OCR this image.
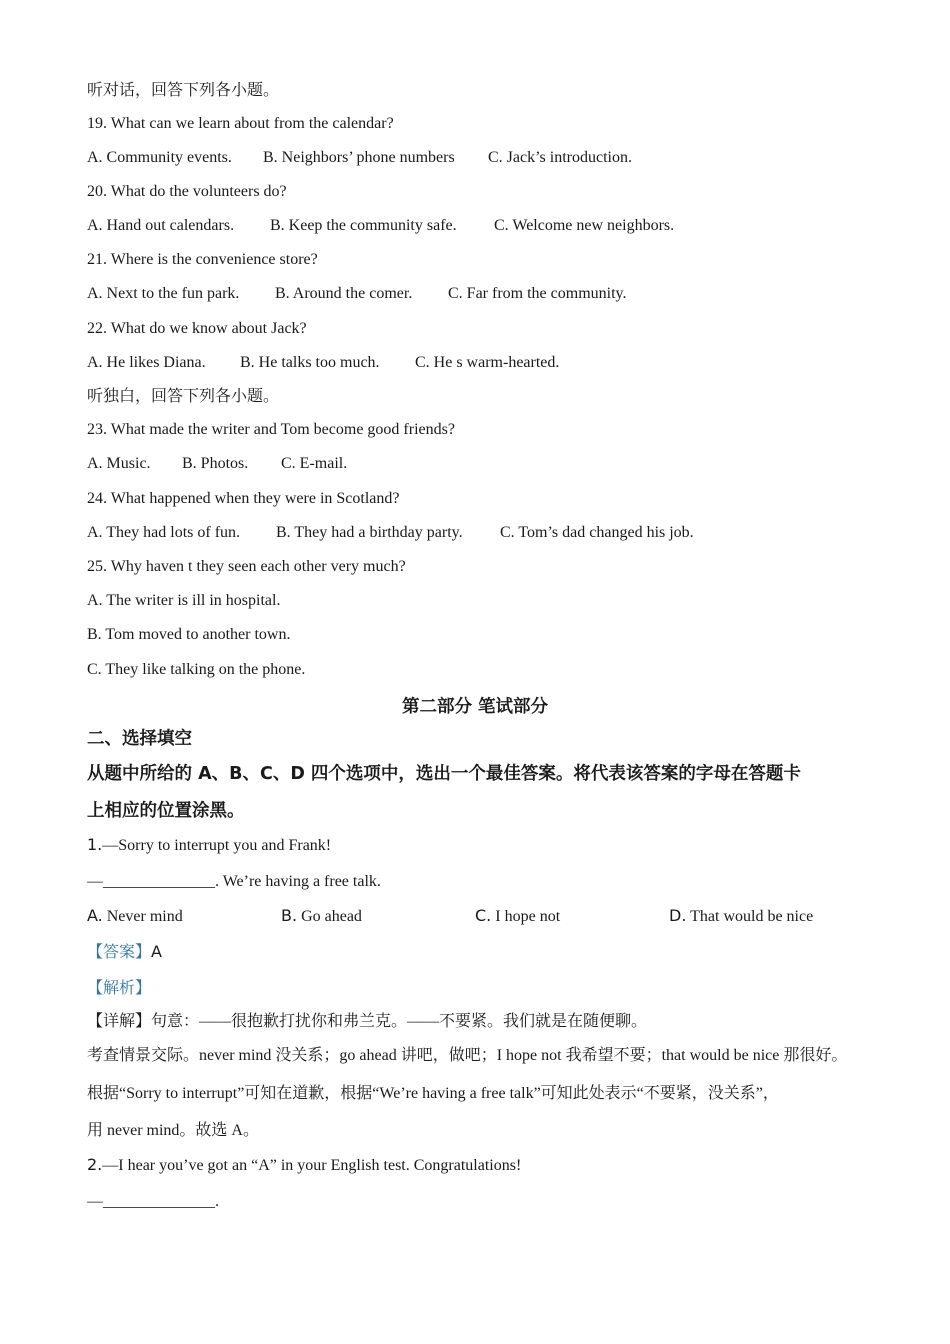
听对话，回答下列各小题。
19. What can we learn about from the calendar?
A. Community events. B. Neighbors’ phone numbers C. Jack’s introduction.
20. What do the volunteers do?
A. Hand out calendars. B. Keep the community safe. C. Welcome new neighbors.
21. Where is the convenience store?
A. Next to the fun park. B. Around the comer. C. Far from the community.
22. What do we know about Jack?
A. He likes Diana. B. He talks too much. C. He s warm-hearted.
听独白，回答下列各小题。
23. What made the writer and Tom become good friends?
A. Music. B. Photos. C. E-mail.
24. What happened when they were in Scotland?
A. They had lots of fun. B. They had a birthday party. C. Tom’s dad changed his job.
25. Why haven t they seen each other very much?
A. The writer is ill in hospital.
B. Tom moved to another town.
C. They like talking on the phone.
第二部分 笔试部分
二、选择填空
从题中所给的 A、B、C、D 四个选项中，选出一个最佳答案。将代表该答案的字母在答题卡
上相应的位置涂黑。
1.—Sorry to interrupt you and Frank!
—______________. We’re having a free talk.
A. Never mind	B. Go ahead	C. I hope not	D. That would be nice
【答案】A
【解析】
【详解】句意：——很抱歉打扰你和弗兰克。——不要紧。我们就是在随便聊。
考查情景交际。never mind 没关系；go ahead 讲吧，做吧；I hope not 我希望不要；that would be nice 那很好。
根据“Sorry to interrupt”可知在道歉，根据“We’re having a free talk”可知此处表示“不要紧，没关系”，
用 never mind。故选 A。
2.—I hear you’ve got an “A” in your English test. Congratulations!
—______________.
